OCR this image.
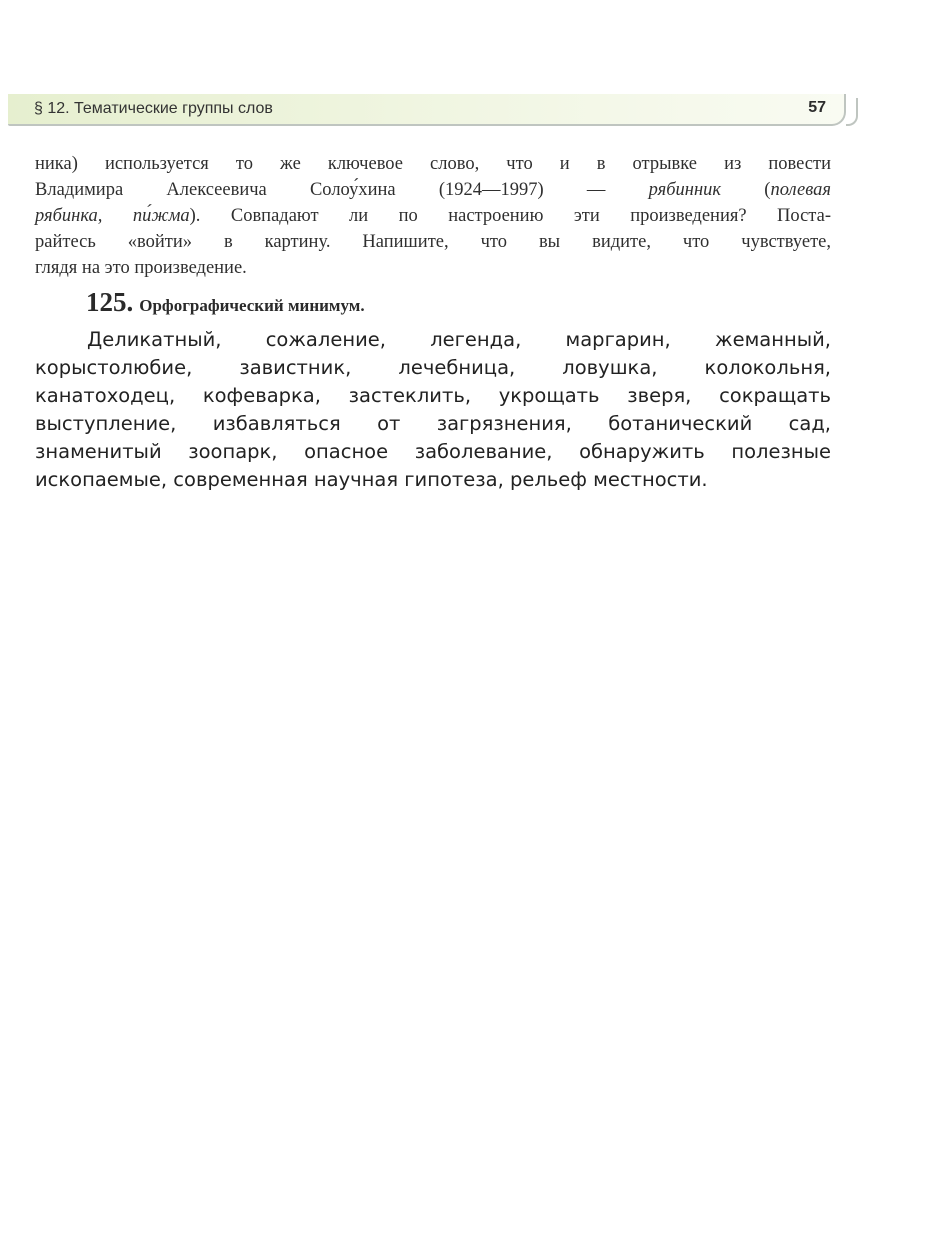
§ 12. Тематические группы слов	57
ника) используется то же ключевое слово, что и в отрывке из повести
Владимира Алексеевича Солоу́хина (1924—1997) — рябинник (полевая
рябинка, пи́жма). Совпадают ли по настроению эти произведения? Поста-
райтесь «войти» в картину. Напишите, что вы видите, что чувствуете,
глядя на это произведение.
125. Орфографический минимум.
Деликатный, сожаление, легенда, маргарин, жеманный,
корыстолюбие, завистник, лечебница, ловушка, колокольня,
канатоходец, кофеварка, застеклить, укрощать зверя, сокращать
выступление, избавляться от загрязнения, ботанический сад,
знаменитый зоопарк, опасное заболевание, обнаружить полезные
ископаемые, современная научная гипотеза, рельеф местности.
